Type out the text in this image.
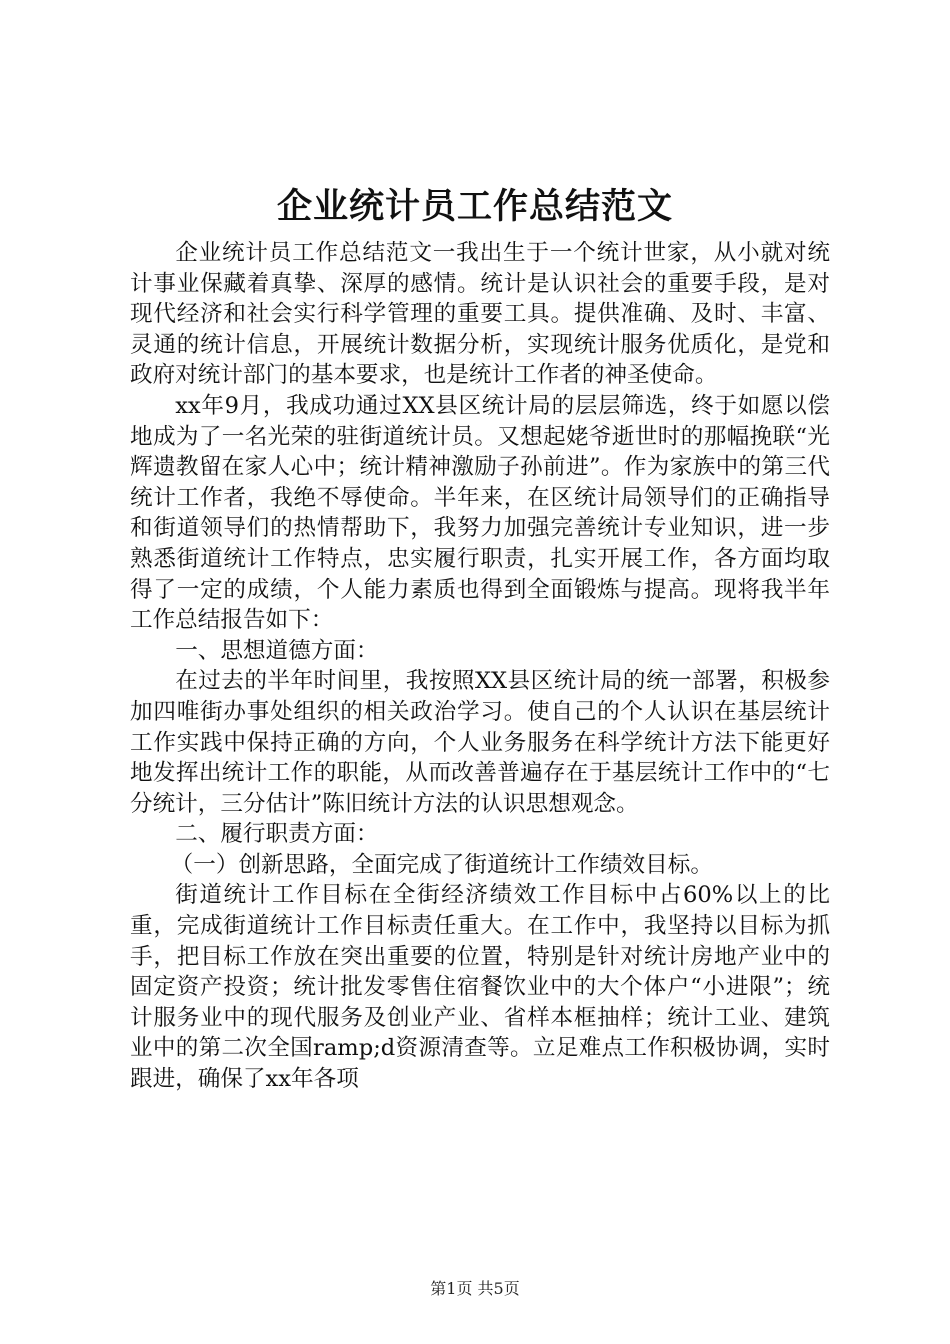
企业统计员工作总结范文

企业统计员工作总结范文一我出生于一个统计世家，从小就对统计事业保藏着真挚、深厚的感情。统计是认识社会的重要手段，是对现代经济和社会实行科学管理的重要工具。提供准确、及时、丰富、灵通的统计信息，开展统计数据分析，实现统计服务优质化，是党和政府对统计部门的基本要求，也是统计工作者的神圣使命。

xx年9月，我成功通过XX县区统计局的层层筛选，终于如愿以偿地成为了一名光荣的驻街道统计员。又想起姥爷逝世时的那幅挽联“光辉遗教留在家人心中；统计精神激励子孙前进”。作为家族中的第三代统计工作者，我绝不辱使命。半年来，在区统计局领导们的正确指导和街道领导们的热情帮助下，我努力加强完善统计专业知识，进一步熟悉街道统计工作特点，忠实履行职责，扎实开展工作，各方面均取得了一定的成绩，个人能力素质也得到全面锻炼与提高。现将我半年工作总结报告如下：

一、思想道德方面：

在过去的半年时间里，我按照XX县区统计局的统一部署，积极参加四唯街办事处组织的相关政治学习。使自己的个人认识在基层统计工作实践中保持正确的方向，个人业务服务在科学统计方法下能更好地发挥出统计工作的职能，从而改善普遍存在于基层统计工作中的“七分统计，三分估计”陈旧统计方法的认识思想观念。

二、履行职责方面：

（一）创新思路，全面完成了街道统计工作绩效目标。

街道统计工作目标在全街经济绩效工作目标中占60%以上的比重，完成街道统计工作目标责任重大。在工作中，我坚持以目标为抓手，把目标工作放在突出重要的位置，特别是针对统计房地产业中的固定资产投资；统计批发零售住宿餐饮业中的大个体户“小进限”；统计服务业中的现代服务及创业产业、省样本框抽样；统计工业、建筑业中的第二次全国ramp;d资源清查等。立足难点工作积极协调，实时跟进，确保了xx年各项

第1页 共5页
